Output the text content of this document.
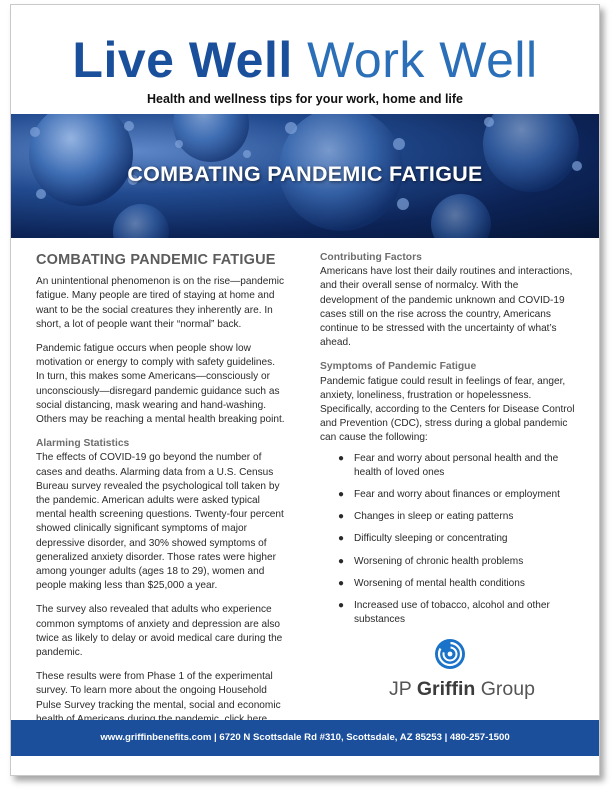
Live Well Work Well
Health and wellness tips for your work, home and life
COMBATING PANDEMIC FATIGUE
COMBATING PANDEMIC FATIGUE

An unintentional phenomenon is on the rise—pandemic fatigue. Many people are tired of staying at home and want to be the social creatures they inherently are. In short, a lot of people want their “normal” back.

Pandemic fatigue occurs when people show low motivation or energy to comply with safety guidelines. In turn, this makes some Americans—consciously or unconsciously—disregard pandemic guidance such as social distancing, mask wearing and hand-washing. Others may be reaching a mental health breaking point.

Alarming Statistics

The effects of COVID-19 go beyond the number of cases and deaths. Alarming data from a U.S. Census Bureau survey revealed the psychological toll taken by the pandemic. American adults were asked typical mental health screening questions. Twenty-four percent showed clinically significant symptoms of major depressive disorder, and 30% showed symptoms of generalized anxiety disorder. Those rates were higher among younger adults (ages 18 to 29), women and people making less than $25,000 a year.

The survey also revealed that adults who experience common symptoms of anxiety and depression are also twice as likely to delay or avoid medical care during the pandemic.

These results were from Phase 1 of the experimental survey. To learn more about the ongoing Household Pulse Survey tracking the mental, social and economic

Contributing Factors

Americans have lost their daily routines and interactions, and their overall sense of normalcy. With the development of the pandemic unknown and COVID-19 cases still on the rise across the country, Americans continue to be stressed with the uncertainty of what’s ahead.

Symptoms of Pandemic Fatigue

Pandemic fatigue could result in feelings of fear, anger, anxiety, loneliness, frustration or hopelessness. Specifically, according to the Centers for Disease Control and Prevention (CDC), stress during a global pandemic can cause the following:

● Fear and worry about personal health and the health of loved ones
● Fear and worry about finances or employment
● Changes in sleep or eating patterns
● Difficulty sleeping or concentrating
● Worsening of chronic health problems
● Worsening of mental health conditions
● Increased use of tobacco, alcohol and other substances
JP Griffin Group
www.griffinbenefits.com | 6720 N Scottsdale Rd #310, Scottsdale, AZ 85253 | 480-257-1500
